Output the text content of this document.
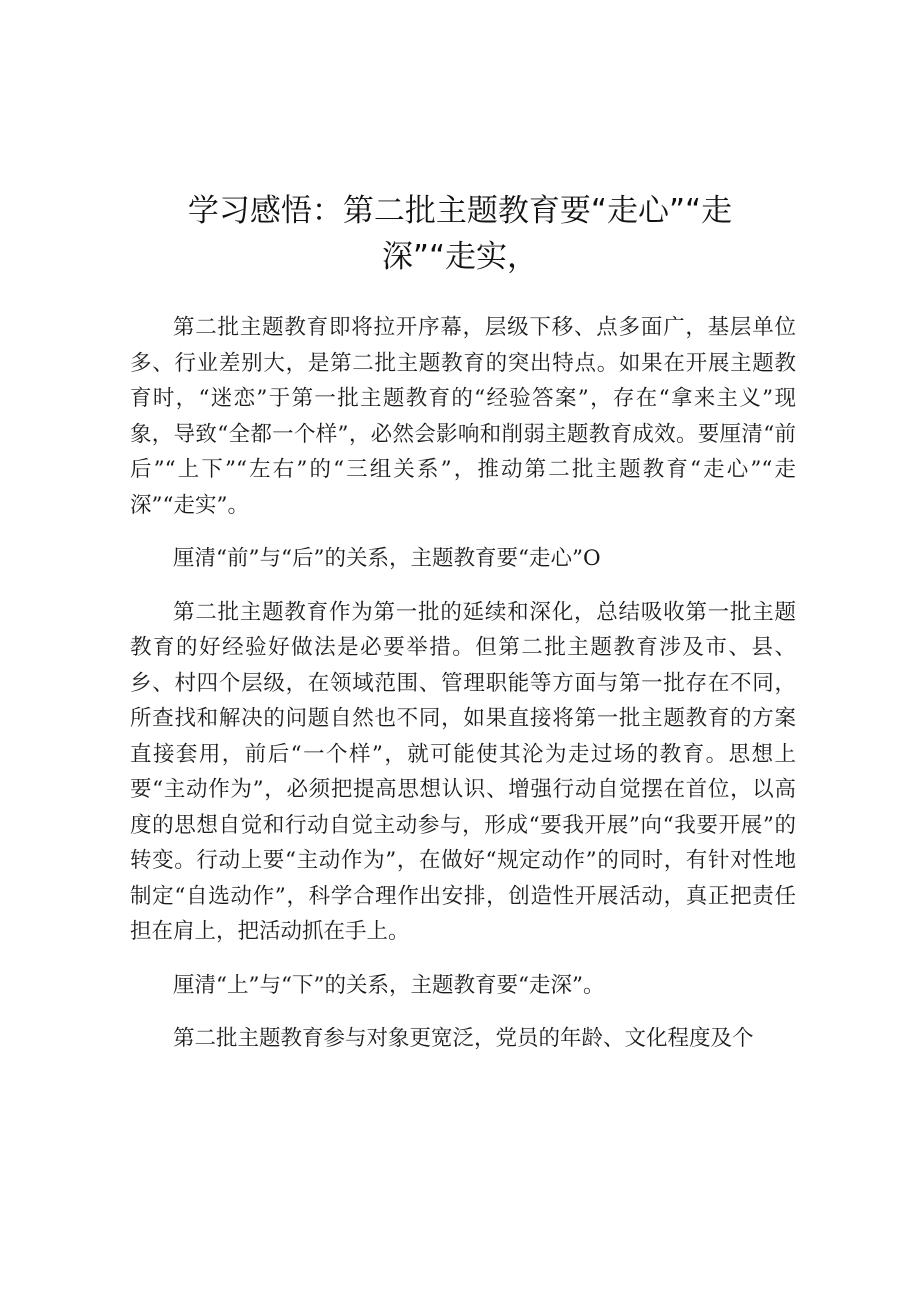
学习感悟：第二批主题教育要“走心”“走
深”“走实，

第二批主题教育即将拉开序幕，层级下移、点多面广，基层单位多、行业差别大，是第二批主题教育的突出特点。如果在开展主题教育时，“迷恋”于第一批主题教育的“经验答案”，存在“拿来主义”现象，导致“全都一个样”，必然会影响和削弱主题教育成效。要厘清“前后”“上下”“左右”的“三组关系”，推动第二批主题教育“走心”“走深”“走实”。

厘清“前”与“后”的关系，主题教育要“走心”O

第二批主题教育作为第一批的延续和深化，总结吸收第一批主题教育的好经验好做法是必要举措。但第二批主题教育涉及市、县、乡、村四个层级，在领域范围、管理职能等方面与第一批存在不同，所查找和解决的问题自然也不同，如果直接将第一批主题教育的方案直接套用，前后“一个样”，就可能使其沦为走过场的教育。思想上要“主动作为”，必须把提高思想认识、增强行动自觉摆在首位，以高度的思想自觉和行动自觉主动参与，形成“要我开展”向“我要开展”的转变。行动上要“主动作为”，在做好“规定动作”的同时，有针对性地制定“自选动作”，科学合理作出安排，创造性开展活动，真正把责任担在肩上，把活动抓在手上。

厘清“上”与“下”的关系，主题教育要“走深”。

第二批主题教育参与对象更宽泛，党员的年龄、文化程度及个
